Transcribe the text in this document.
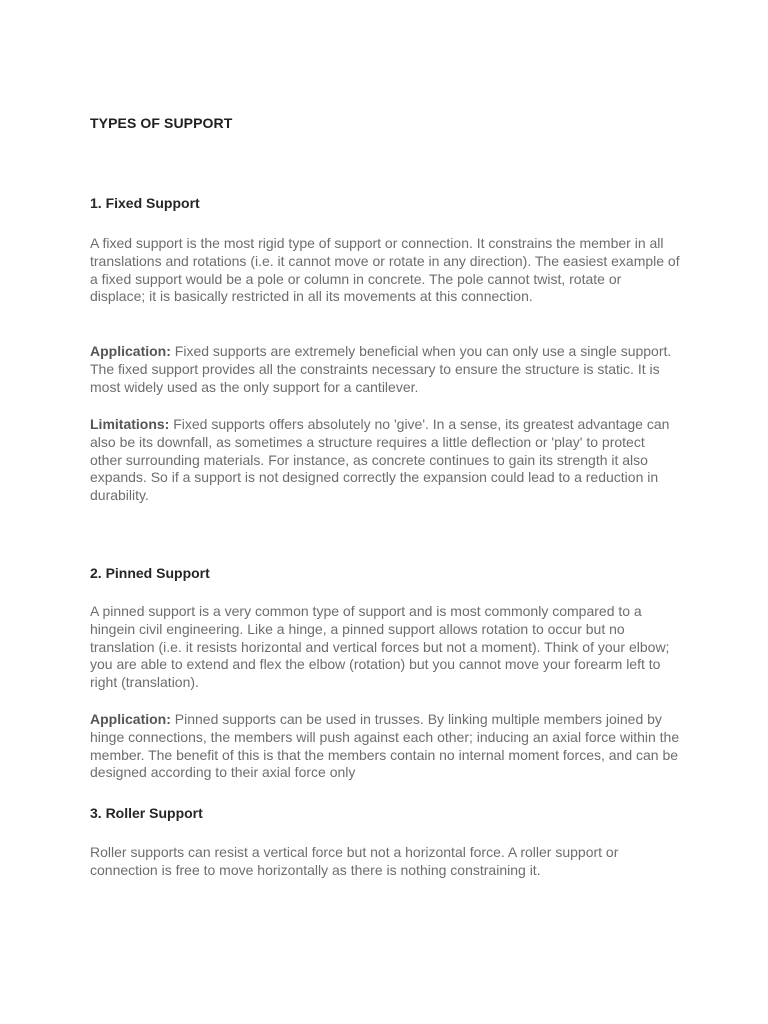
TYPES OF SUPPORT
1. Fixed Support

A fixed support is the most rigid type of support or connection. It constrains the member in all translations and rotations (i.e. it cannot move or rotate in any direction). The easiest example of a fixed support would be a pole or column in concrete. The pole cannot twist, rotate or displace; it is basically restricted in all its movements at this connection.

Application: Fixed supports are extremely beneficial when you can only use a single support. The fixed support provides all the constraints necessary to ensure the structure is static. It is most widely used as the only support for a cantilever.

Limitations: Fixed supports offers absolutely no 'give'. In a sense, its greatest advantage can also be its downfall, as sometimes a structure requires a little deflection or 'play' to protect other surrounding materials. For instance, as concrete continues to gain its strength it also expands. So if a support is not designed correctly the expansion could lead to a reduction in durability.

2. Pinned Support

A pinned support is a very common type of support and is most commonly compared to a hingein civil engineering. Like a hinge, a pinned support allows rotation to occur but no translation (i.e. it resists horizontal and vertical forces but not a moment). Think of your elbow; you are able to extend and flex the elbow (rotation) but you cannot move your forearm left to right (translation).

Application: Pinned supports can be used in trusses. By linking multiple members joined by hinge connections, the members will push against each other; inducing an axial force within the member. The benefit of this is that the members contain no internal moment forces, and can be designed according to their axial force only

3. Roller Support

Roller supports can resist a vertical force but not a horizontal force. A roller support or connection is free to move horizontally as there is nothing constraining it.
